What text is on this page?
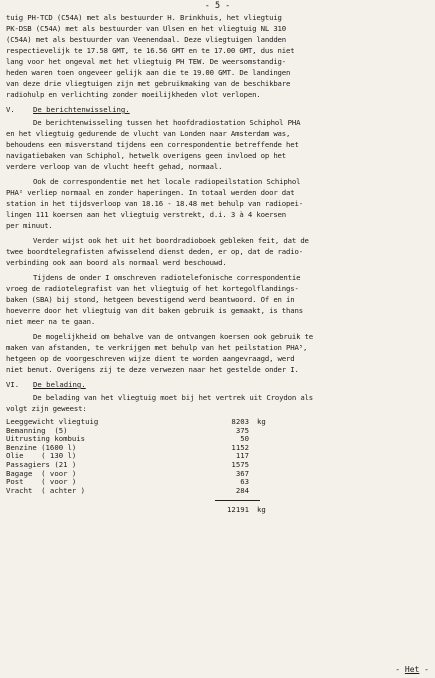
- 5 -
tuig PH-TCD (C54A) met als bestuurder H. Brinkhuis, het vliegtuig
PK-DSB (C54A) met als bestuurder van Ulsen en het vliegtuig NL 310
(C54A) met als bestuurder van Veenendaal. Deze vliegtuigen landden
respectievelijk te 17.58 GMT, te 16.56 GMT en te 17.00 GMT, dus niet
lang voor het ongeval met het vliegtuig PH TEW. De weersomstandig-
heden waren toen ongeveer gelijk aan die te 19.00 GMT. De landingen
van deze drie vliegtuigen zijn met gebruikmaking van de beschikbare
radiohulp en verlichting zonder moeilijkheden vlot verlopen.
V. De berichtenwisseling.
De berichtenwisseling tussen het hoofdradiostation Schiphol PHA
en het vliegtuig gedurende de vlucht van Londen naar Amsterdam was,
behoudens een misverstand tijdens een correspondentie betreffende het
navigatiebaken van Schiphol, hetwelk overigens geen invloed op het
verdere verloop van de vlucht heeft gehad, normaal.
Ook de correspondentie met het locale radiopeilstation Schiphol
PHA² verliep normaal en zonder haperingen. In totaal werden door dat
station in het tijdsverloop van 18.16 - 18.48 met behulp van radiopei-
lingen 111 koersen aan het vliegtuig verstrekt, d.i. 3 à 4 koersen
per minuut.
Verder wijst ook het uit het boordradioboek gebleken feit, dat de
twee boordtelegrafisten afwisselend dienst deden, er op, dat de radio-
verbinding ook aan boord als normaal werd beschouwd.
Tijdens de onder I omschreven radiotelefonische correspondentie
vroeg de radiotelegrafist van het vliegtuig of het kortegolflandings-
baken (SBA) bij stond, hetgeen bevestigend werd beantwoord. Of en in
hoeverre door het vliegtuig van dit baken gebruik is gemaakt, is thans
niet meer na te gaan.
De mogelijkheid om behalve van de ontvangen koersen ook gebruik te
maken van afstanden, te verkrijgen met behulp van het peilstation PHA⁵,
hetgeen op de voorgeschreven wijze dient te worden aangevraagd, werd
niet benut. Overigens zij te deze verwezen naar het gestelde onder I.
VI. De belading.
De belading van het vliegtuig moet bij het vertrek uit Croydon als
volgt zijn geweest:
Leeggewicht vliegtuig	8203 kg
Bemanning  (5)	375
Uitrusting kombuis	50
Benzine (1600 l)	1152
Olie    ( 130 l)	117
Passagiers (21 )	1575
Bagage  ( voor )	367
Post    ( voor )	63
Vracht  ( achter )	284
12191 kg
- Het -
